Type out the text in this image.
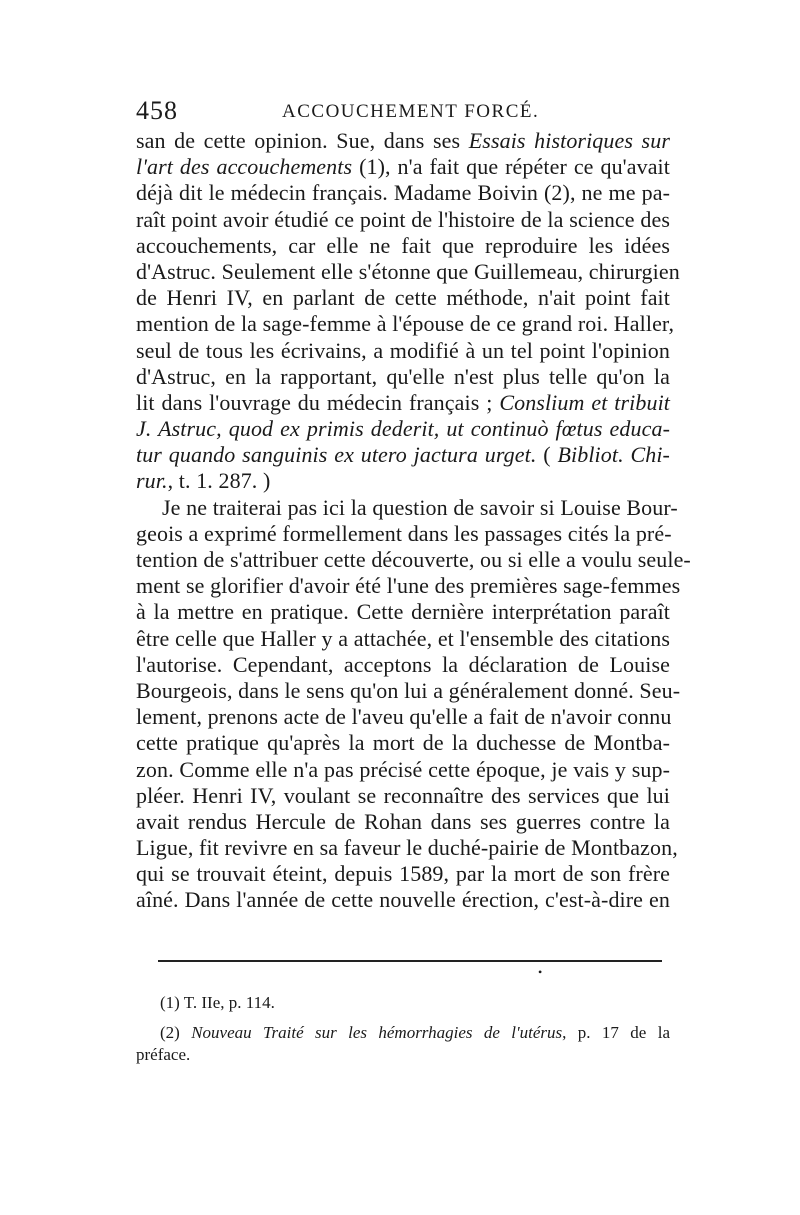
458	ACCOUCHEMENT FORCÉ.
san de cette opinion. Sue, dans ses Essais historiques sur
l'art des accouchements (1), n'a fait que répéter ce qu'avait
déjà dit le médecin français. Madame Boivin (2), ne me pa-
raît point avoir étudié ce point de l'histoire de la science des
accouchements, car elle ne fait que reproduire les idées
d'Astruc. Seulement elle s'étonne que Guillemeau, chirurgien
de Henri IV, en parlant de cette méthode, n'ait point fait
mention de la sage-femme à l'épouse de ce grand roi. Haller,
seul de tous les écrivains, a modifié à un tel point l'opinion
d'Astruc, en la rapportant, qu'elle n'est plus telle qu'on la
lit dans l'ouvrage du médecin français ; Conslium et tribuit
J. Astruc, quod ex primis dederit, ut continuò fœtus educa-
tur quando sanguinis ex utero jactura urget. ( Bibliot. Chi-
rur., t. 1. 287. )
Je ne traiterai pas ici la question de savoir si Louise Bour-
geois a exprimé formellement dans les passages cités la pré-
tention de s'attribuer cette découverte, ou si elle a voulu seule-
ment se glorifier d'avoir été l'une des premières sage-femmes
à la mettre en pratique. Cette dernière interprétation paraît
être celle que Haller y a attachée, et l'ensemble des citations
l'autorise. Cependant, acceptons la déclaration de Louise
Bourgeois, dans le sens qu'on lui a généralement donné. Seu-
lement, prenons acte de l'aveu qu'elle a fait de n'avoir connu
cette pratique qu'après la mort de la duchesse de Montba-
zon. Comme elle n'a pas précisé cette époque, je vais y sup-
pléer. Henri IV, voulant se reconnaître des services que lui
avait rendus Hercule de Rohan dans ses guerres contre la
Ligue, fit revivre en sa faveur le duché-pairie de Montbazon,
qui se trouvait éteint, depuis 1589, par la mort de son frère
aîné. Dans l'année de cette nouvelle érection, c'est-à-dire en
•
(1) T. IIe, p. 114.
(2) Nouveau Traité sur les hémorrhagies de l'utérus, p. 17 de la
préface.
